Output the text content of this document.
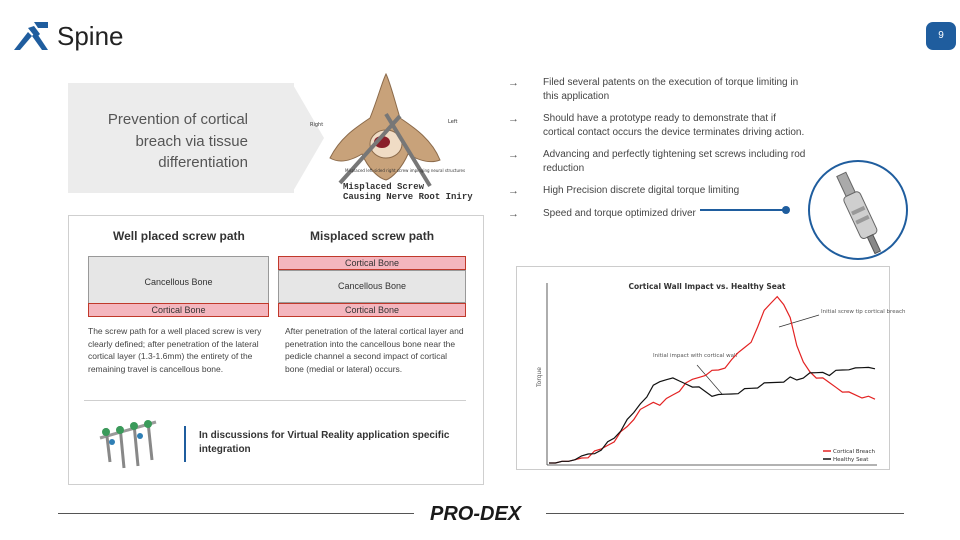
Spine	9
Prevention of cortical
breach via tissue
differentiation
Right	Left
Misplaced left-sided right screw impinging neural structures
Misplaced Screw
Causing Nerve Root Iniry
→	Filed several patents on the execution of torque limiting in this application
→	Should have a prototype ready to demonstrate that if cortical contact occurs the device terminates driving action.
→	Advancing and perfectly tightening set screws including rod reduction
→	High Precision discrete digital torque limiting
→	Speed and torque optimized driver
Well placed screw path	Misplaced screw path
Cancellous Bone
Cortical Bone
Cortical Bone
Cancellous Bone
Cortical Bone
The screw path for a well placed screw is very clearly defined; after penetration of the lateral cortical layer (1.3-1.6mm) the entirety of the remaining travel is cancellous bone.
After penetration of the lateral cortical layer and penetration into the cancellous bone near the pedicle channel a second impact of cortical bone (medial or lateral) occurs.
In discussions for Virtual Reality application specific integration
Cortical Wall Impact vs. Healthy Seat
Torque
Initial screw tip cortical breach
Initial impact with cortical wall
Cortical Breach
Healthy Seat
PRO-DEX
